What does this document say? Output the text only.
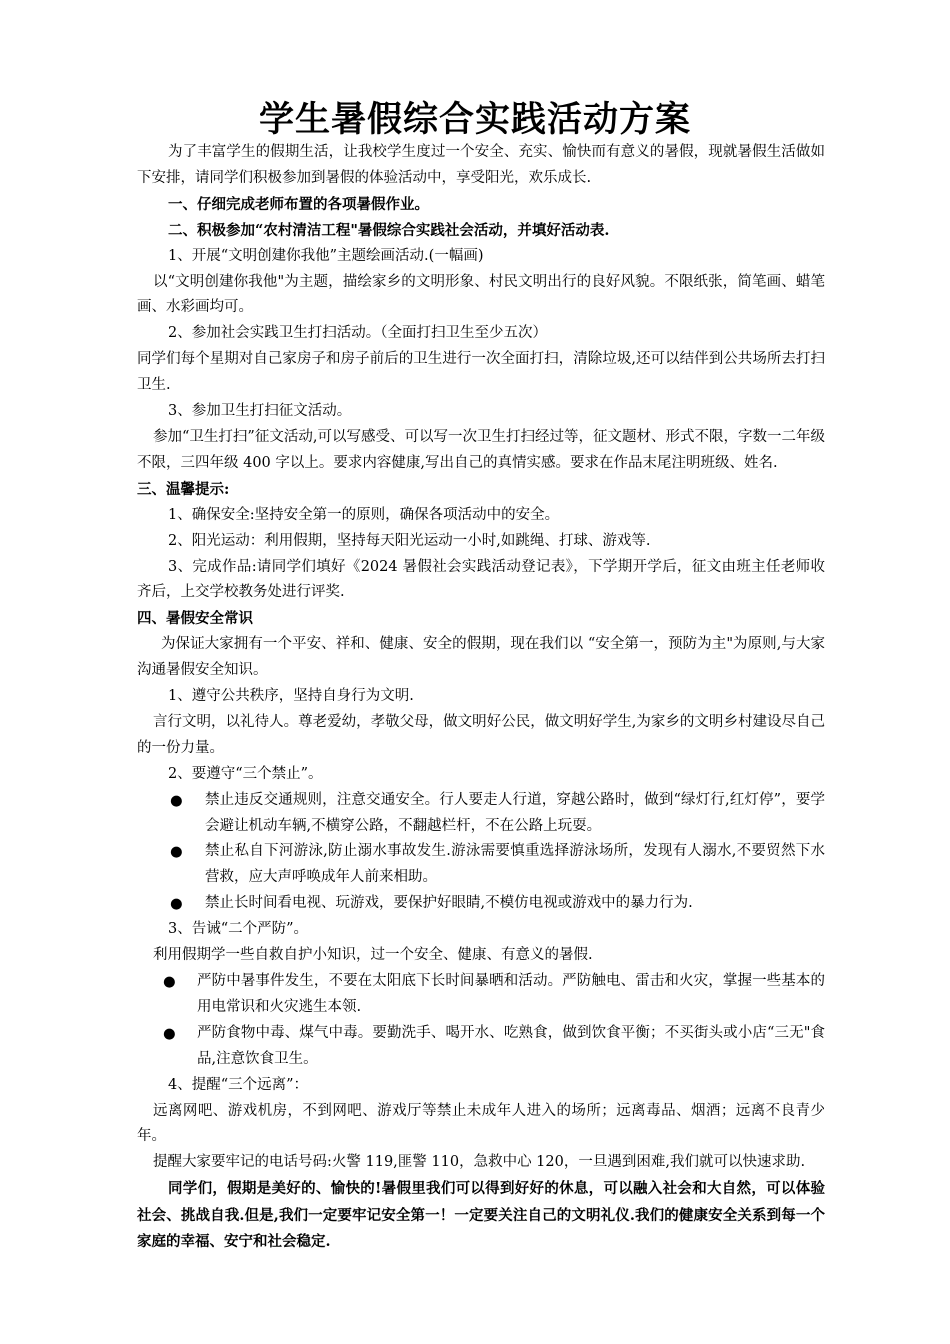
学生暑假综合实践活动方案

为了丰富学生的假期生活，让我校学生度过一个安全、充实、愉快而有意义的暑假，现就暑假生活做如下安排，请同学们积极参加到暑假的体验活动中，享受阳光，欢乐成长.

一、仔细完成老师布置的各项暑假作业。

二、积极参加“农村清洁工程"暑假综合实践社会活动，并填好活动表.

1、开展“文明创建你我他”主题绘画活动.(一幅画)

以“文明创建你我他"为主题，描绘家乡的文明形象、村民文明出行的良好风貌。不限纸张，简笔画、蜡笔画、水彩画均可。

2、参加社会实践卫生打扫活动。（全面打扫卫生至少五次）

同学们每个星期对自己家房子和房子前后的卫生进行一次全面打扫，清除垃圾,还可以结伴到公共场所去打扫卫生.

3、参加卫生打扫征文活动。

参加“卫生打扫”征文活动,可以写感受、可以写一次卫生打扫经过等，征文题材、形式不限，字数一二年级不限，三四年级 400 字以上。要求内容健康,写出自己的真情实感。要求在作品末尾注明班级、姓名.

三、温馨提示:

1、确保安全:坚持安全第一的原则，确保各项活动中的安全。

2、阳光运动：利用假期，坚持每天阳光运动一小时,如跳绳、打球、游戏等.

3、完成作品:请同学们填好《2024 暑假社会实践活动登记表》，下学期开学后，征文由班主任老师收齐后，上交学校教务处进行评奖.

四、暑假安全常识

为保证大家拥有一个平安、祥和、健康、安全的假期，现在我们以 “安全第一，预防为主"为原则,与大家沟通暑假安全知识。

1、遵守公共秩序，坚持自身行为文明.

言行文明，以礼待人。尊老爱幼，孝敬父母，做文明好公民，做文明好学生,为家乡的文明乡村建设尽自己的一份力量。

2、要遵守“三个禁止”。

● 禁止违反交通规则，注意交通安全。行人要走人行道，穿越公路时，做到“绿灯行,红灯停”，要学会避让机动车辆,不横穿公路，不翻越栏杆，不在公路上玩耍。
● 禁止私自下河游泳,防止溺水事故发生.游泳需要慎重选择游泳场所，发现有人溺水,不要贸然下水营救，应大声呼唤成年人前来相助。
● 禁止长时间看电视、玩游戏，要保护好眼睛,不模仿电视或游戏中的暴力行为.

3、告诫“二个严防”。

利用假期学一些自救自护小知识，过一个安全、健康、有意义的暑假.

● 严防中暑事件发生，不要在太阳底下长时间暴晒和活动。严防触电、雷击和火灾，掌握一些基本的用电常识和火灾逃生本领.
● 严防食物中毒、煤气中毒。要勤洗手、喝开水、吃熟食，做到饮食平衡；不买街头或小店“三无"食品,注意饮食卫生。

4、提醒“三个远离”：

远离网吧、游戏机房，不到网吧、游戏厅等禁止未成年人进入的场所；远离毒品、烟酒；远离不良青少年。

提醒大家要牢记的电话号码:火警 119,匪警 110，急救中心 120，一旦遇到困难,我们就可以快速求助.

同学们，假期是美好的、愉快的!暑假里我们可以得到好好的休息，可以融入社会和大自然，可以体验社会、挑战自我.但是,我们一定要牢记安全第一！一定要关注自己的文明礼仪.我们的健康安全关系到每一个家庭的幸福、安宁和社会稳定.
